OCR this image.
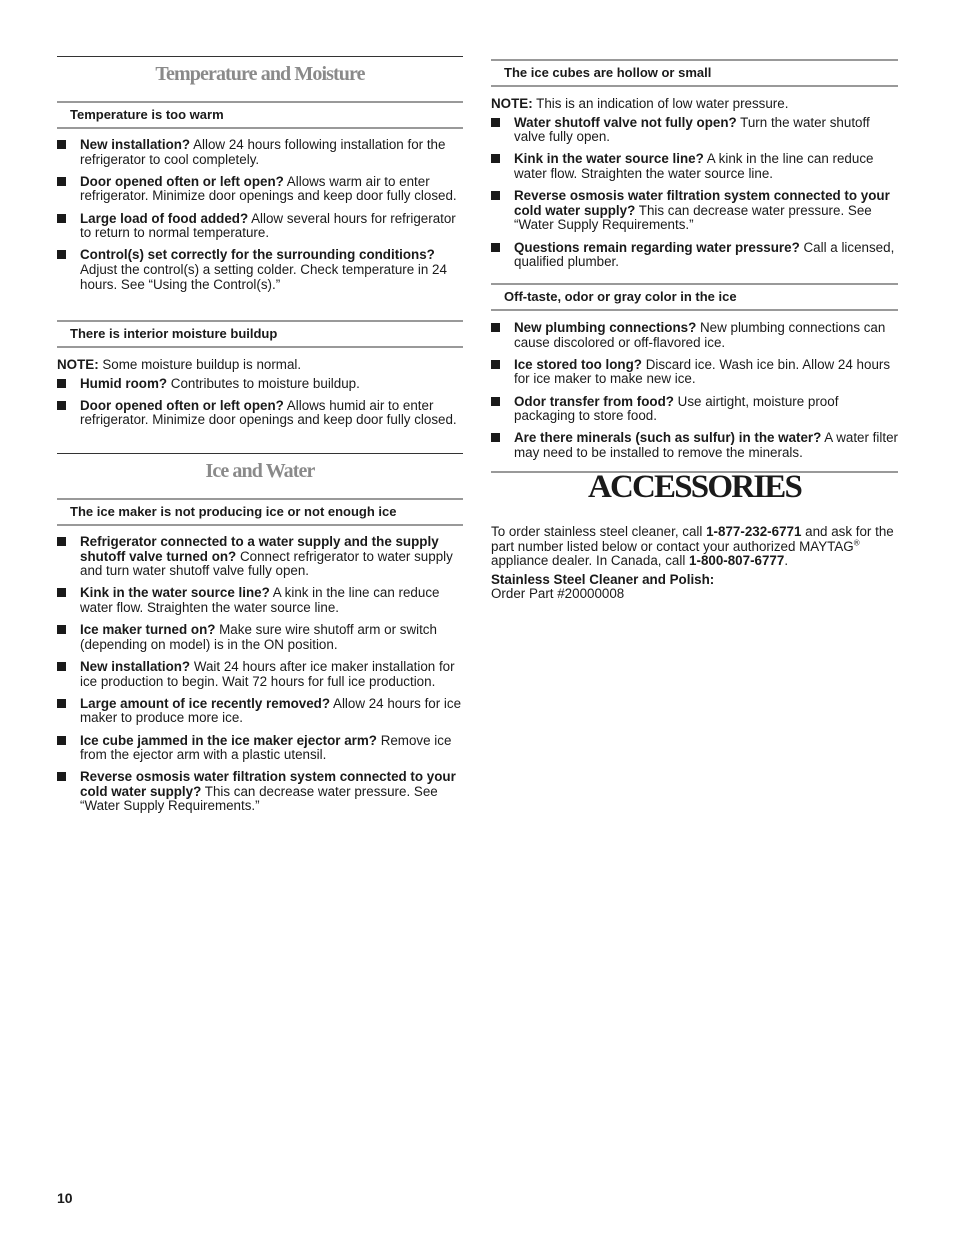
Temperature and Moisture
Temperature is too warm
New installation? Allow 24 hours following installation for the refrigerator to cool completely.
Door opened often or left open? Allows warm air to enter refrigerator. Minimize door openings and keep door fully closed.
Large load of food added? Allow several hours for refrigerator to return to normal temperature.
Control(s) set correctly for the surrounding conditions? Adjust the control(s) a setting colder. Check temperature in 24 hours. See “Using the Control(s).”
There is interior moisture buildup

NOTE: Some moisture buildup is normal.

Humid room? Contributes to moisture buildup.
Door opened often or left open? Allows humid air to enter refrigerator. Minimize door openings and keep door fully closed.
Ice and Water
The ice maker is not producing ice or not enough ice
Refrigerator connected to a water supply and the supply shutoff valve turned on? Connect refrigerator to water supply and turn water shutoff valve fully open.
Kink in the water source line? A kink in the line can reduce water flow. Straighten the water source line.
Ice maker turned on? Make sure wire shutoff arm or switch (depending on model) is in the ON position.
New installation? Wait 24 hours after ice maker installation for ice production to begin. Wait 72 hours for full ice production.
Large amount of ice recently removed? Allow 24 hours for ice maker to produce more ice.
Ice cube jammed in the ice maker ejector arm? Remove ice from the ejector arm with a plastic utensil.
Reverse osmosis water filtration system connected to your cold water supply? This can decrease water pressure. See “Water Supply Requirements.”
The ice cubes are hollow or small

NOTE: This is an indication of low water pressure.

Water shutoff valve not fully open? Turn the water shutoff valve fully open.
Kink in the water source line? A kink in the line can reduce water flow. Straighten the water source line.
Reverse osmosis water filtration system connected to your cold water supply? This can decrease water pressure. See “Water Supply Requirements.”
Questions remain regarding water pressure? Call a licensed, qualified plumber.
Off-taste, odor or gray color in the ice
New plumbing connections? New plumbing connections can cause discolored or off-flavored ice.
Ice stored too long? Discard ice. Wash ice bin. Allow 24 hours for ice maker to make new ice.
Odor transfer from food? Use airtight, moisture proof packaging to store food.
Are there minerals (such as sulfur) in the water? A water filter may need to be installed to remove the minerals.
ACCESSORIES

To order stainless steel cleaner, call 1-877-232-6771 and ask for the part number listed below or contact your authorized MAYTAG® appliance dealer. In Canada, call 1-800-807-6777.

Stainless Steel Cleaner and Polish:
Order Part #20000008

10
